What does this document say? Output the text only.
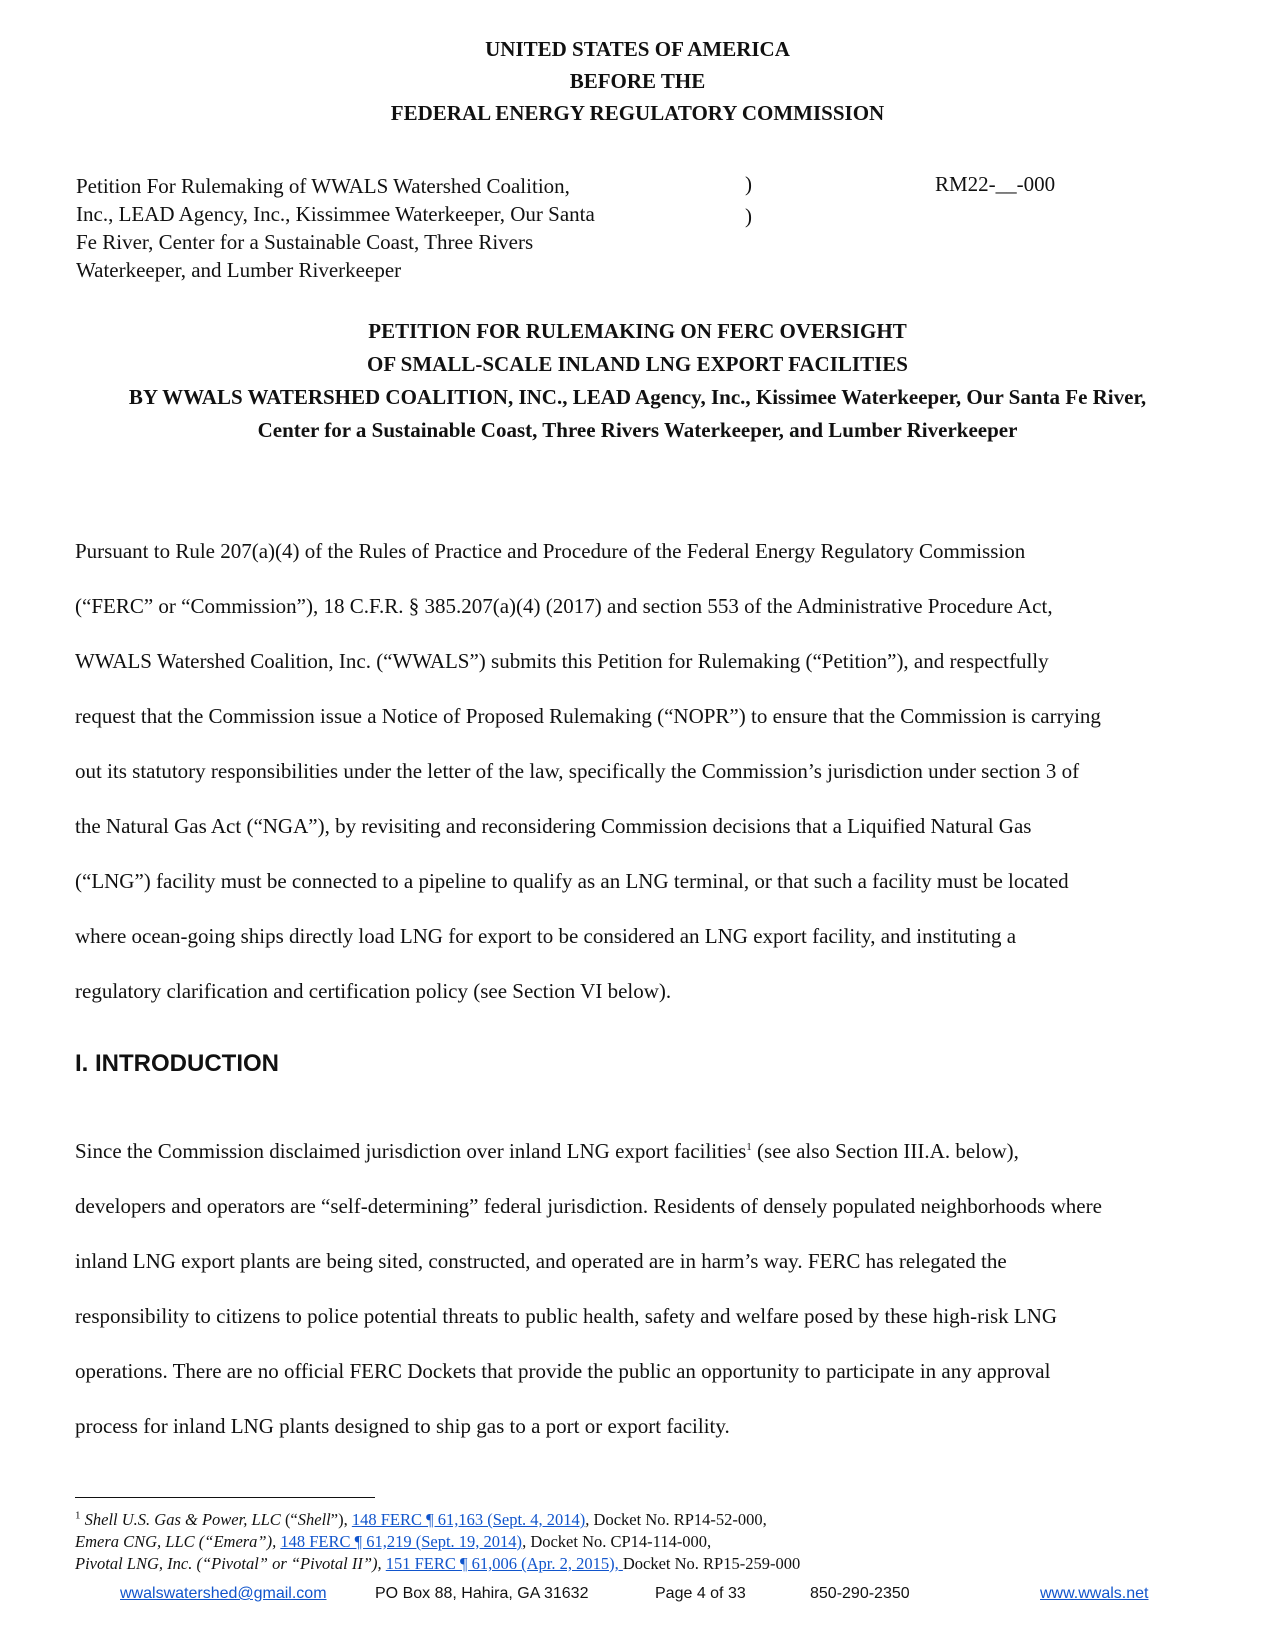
UNITED STATES OF AMERICA
BEFORE THE
FEDERAL ENERGY REGULATORY COMMISSION
Petition For Rulemaking of WWALS Watershed Coalition,
Inc., LEAD Agency, Inc., Kissimmee Waterkeeper, Our Santa
Fe River, Center for a Sustainable Coast, Three Rivers
Waterkeeper, and Lumber Riverkeeper
)
)
RM22-__-000
PETITION FOR RULEMAKING ON FERC OVERSIGHT
OF SMALL-SCALE INLAND LNG EXPORT FACILITIES
BY WWALS WATERSHED COALITION, INC., LEAD Agency, Inc., Kissimee Waterkeeper, Our Santa Fe River,
Center for a Sustainable Coast, Three Rivers Waterkeeper, and Lumber Riverkeeper
Pursuant to Rule 207(a)(4) of the Rules of Practice and Procedure of the Federal Energy Regulatory Commission
(“FERC” or “Commission”), 18 C.F.R. § 385.207(a)(4) (2017) and section 553 of the Administrative Procedure Act,
WWALS Watershed Coalition, Inc. (“WWALS”) submits this Petition for Rulemaking (“Petition”), and respectfully
request that the Commission issue a Notice of Proposed Rulemaking (“NOPR”) to ensure that the Commission is carrying
out its statutory responsibilities under the letter of the law, specifically the Commission’s jurisdiction under section 3 of
the Natural Gas Act (“NGA”), by revisiting and reconsidering Commission decisions that a Liquified Natural Gas
(“LNG”) facility must be connected to a pipeline to qualify as an LNG terminal, or that such a facility must be located
where ocean-going ships directly load LNG for export to be considered an LNG export facility, and instituting a
regulatory clarification and certification policy (see Section VI below).
I. INTRODUCTION
Since the Commission disclaimed jurisdiction over inland LNG export facilities$^1$ (see also Section III.A. below),
developers and operators are “self-determining” federal jurisdiction. Residents of densely populated neighborhoods where
inland LNG export plants are being sited, constructed, and operated are in harm’s way. FERC has relegated the
responsibility to citizens to police potential threats to public health, safety and welfare posed by these high-risk LNG
operations. There are no official FERC Dockets that provide the public an opportunity to participate in any approval
process for inland LNG plants designed to ship gas to a port or export facility.
$^1$ Shell U.S. Gas & Power, LLC (“Shell”), 148 FERC ¶ 61,163 (Sept. 4, 2014), Docket No. RP14-52-000,
Emera CNG, LLC (“Emera”), 148 FERC ¶ 61,219 (Sept. 19, 2014), Docket No. CP14-114-000,
Pivotal LNG, Inc. (“Pivotal” or “Pivotal II”), 151 FERC ¶ 61,006 (Apr. 2, 2015), Docket No. RP15-259-000
wwalswatershed@gmail.com	PO Box 88, Hahira, GA 31632	Page 4 of 33	850-290-2350	www.wwals.net
